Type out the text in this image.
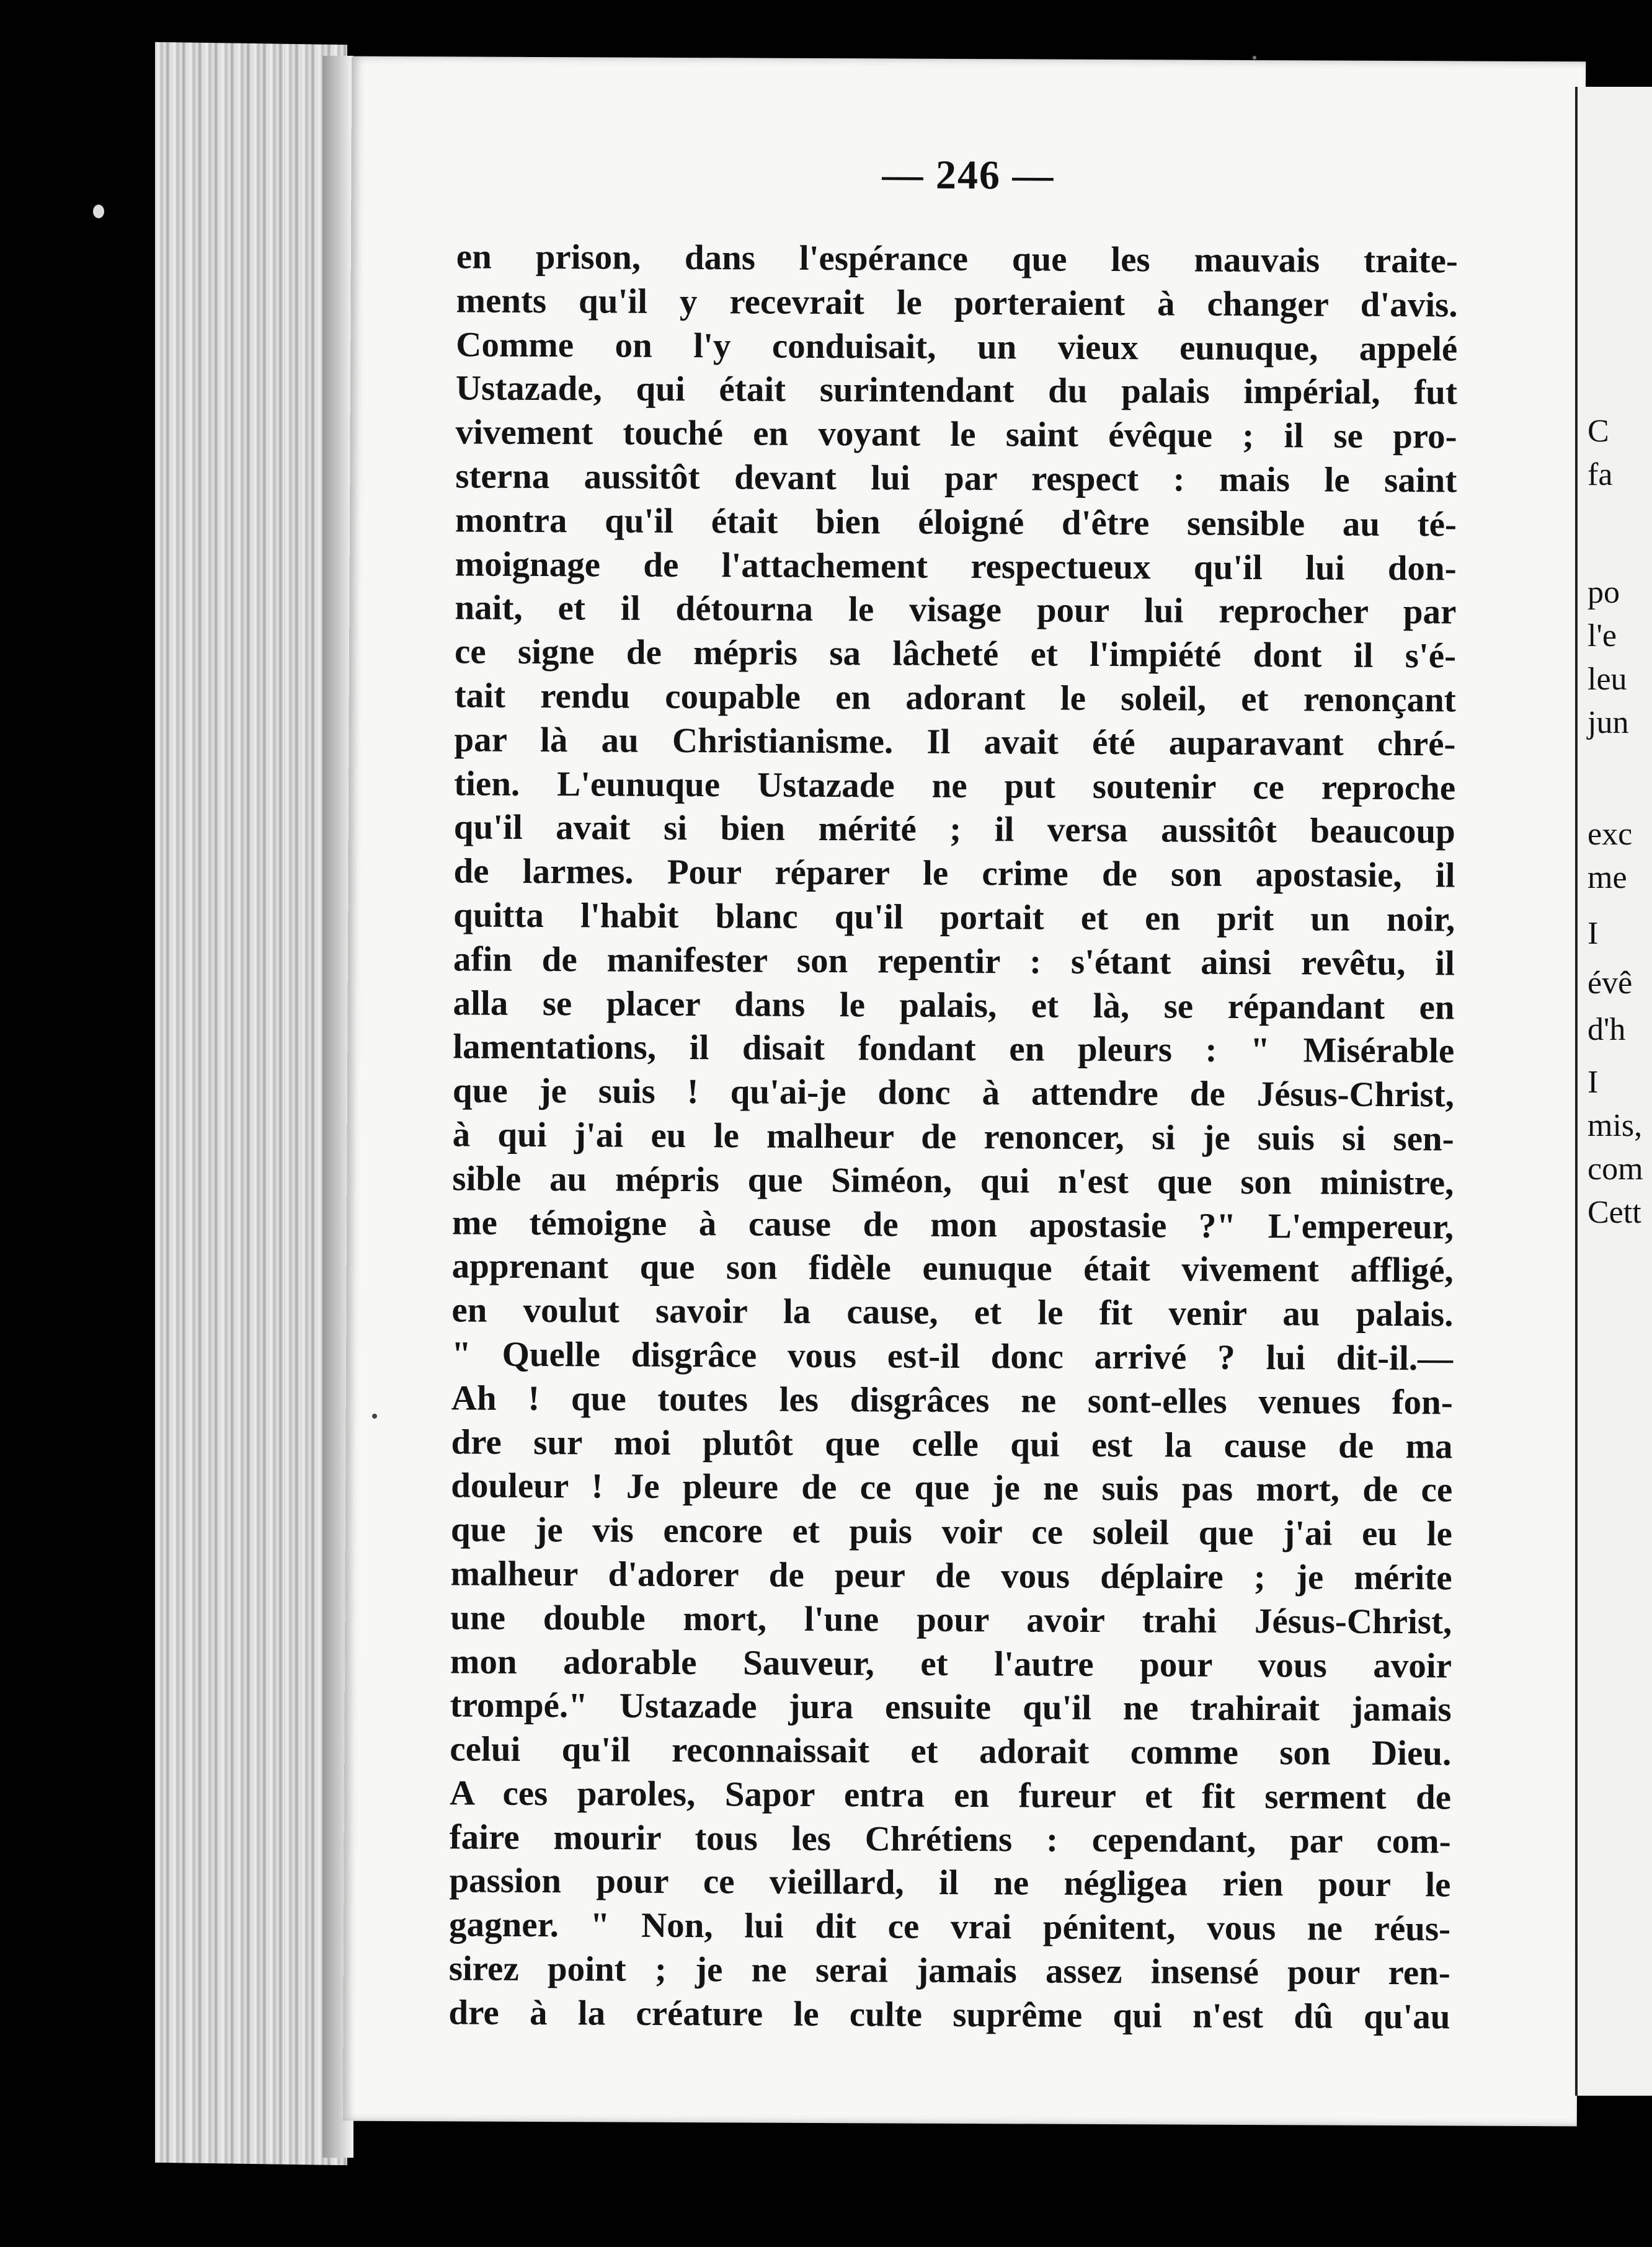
— 246 —
en prison, dans l'espérance que les mauvais traite-
ments qu'il y recevrait le porteraient à changer d'avis.
Comme on l'y conduisait, un vieux eunuque, appelé
Ustazade, qui était surintendant du palais impérial, fut
vivement touché en voyant le saint évêque ; il se pro-
sterna aussitôt devant lui par respect : mais le saint
montra qu'il était bien éloigné d'être sensible au té-
moignage de l'attachement respectueux qu'il lui don-
nait, et il détourna le visage pour lui reprocher par
ce signe de mépris sa lâcheté et l'impiété dont il s'é-
tait rendu coupable en adorant le soleil, et renonçant
par là au Christianisme. Il avait été auparavant chré-
tien. L'eunuque Ustazade ne put soutenir ce reproche
qu'il avait si bien mérité ; il versa aussitôt beaucoup
de larmes. Pour réparer le crime de son apostasie, il
quitta l'habit blanc qu'il portait et en prit un noir,
afin de manifester son repentir : s'étant ainsi revêtu, il
alla se placer dans le palais, et là, se répandant en
lamentations, il disait fondant en pleurs : " Misérable
que je suis ! qu'ai-je donc à attendre de Jésus-Christ,
à qui j'ai eu le malheur de renoncer, si je suis si sen-
sible au mépris que Siméon, qui n'est que son ministre,
me témoigne à cause de mon apostasie ?" L'empereur,
apprenant que son fidèle eunuque était vivement affligé,
en voulut savoir la cause, et le fit venir au palais.
" Quelle disgrâce vous est-il donc arrivé ? lui dit-il.—
Ah ! que toutes les disgrâces ne sont-elles venues fon-
dre sur moi plutôt que celle qui est la cause de ma
douleur ! Je pleure de ce que je ne suis pas mort, de ce
que je vis encore et puis voir ce soleil que j'ai eu le
malheur d'adorer de peur de vous déplaire ; je mérite
une double mort, l'une pour avoir trahi Jésus-Christ,
mon adorable Sauveur, et l'autre pour vous avoir
trompé." Ustazade jura ensuite qu'il ne trahirait jamais
celui qu'il reconnaissait et adorait comme son Dieu.
A ces paroles, Sapor entra en fureur et fit serment de
faire mourir tous les Chrétiens : cependant, par com-
passion pour ce vieillard, il ne négligea rien pour le
gagner. " Non, lui dit ce vrai pénitent, vous ne réus-
sirez point ; je ne serai jamais assez insensé pour ren-
dre à la créature le culte suprême qui n'est dû qu'au
C
fa
po
l'e
leu
jun
exc
me
I
évê
d'h
I
mis,
com
Cett
